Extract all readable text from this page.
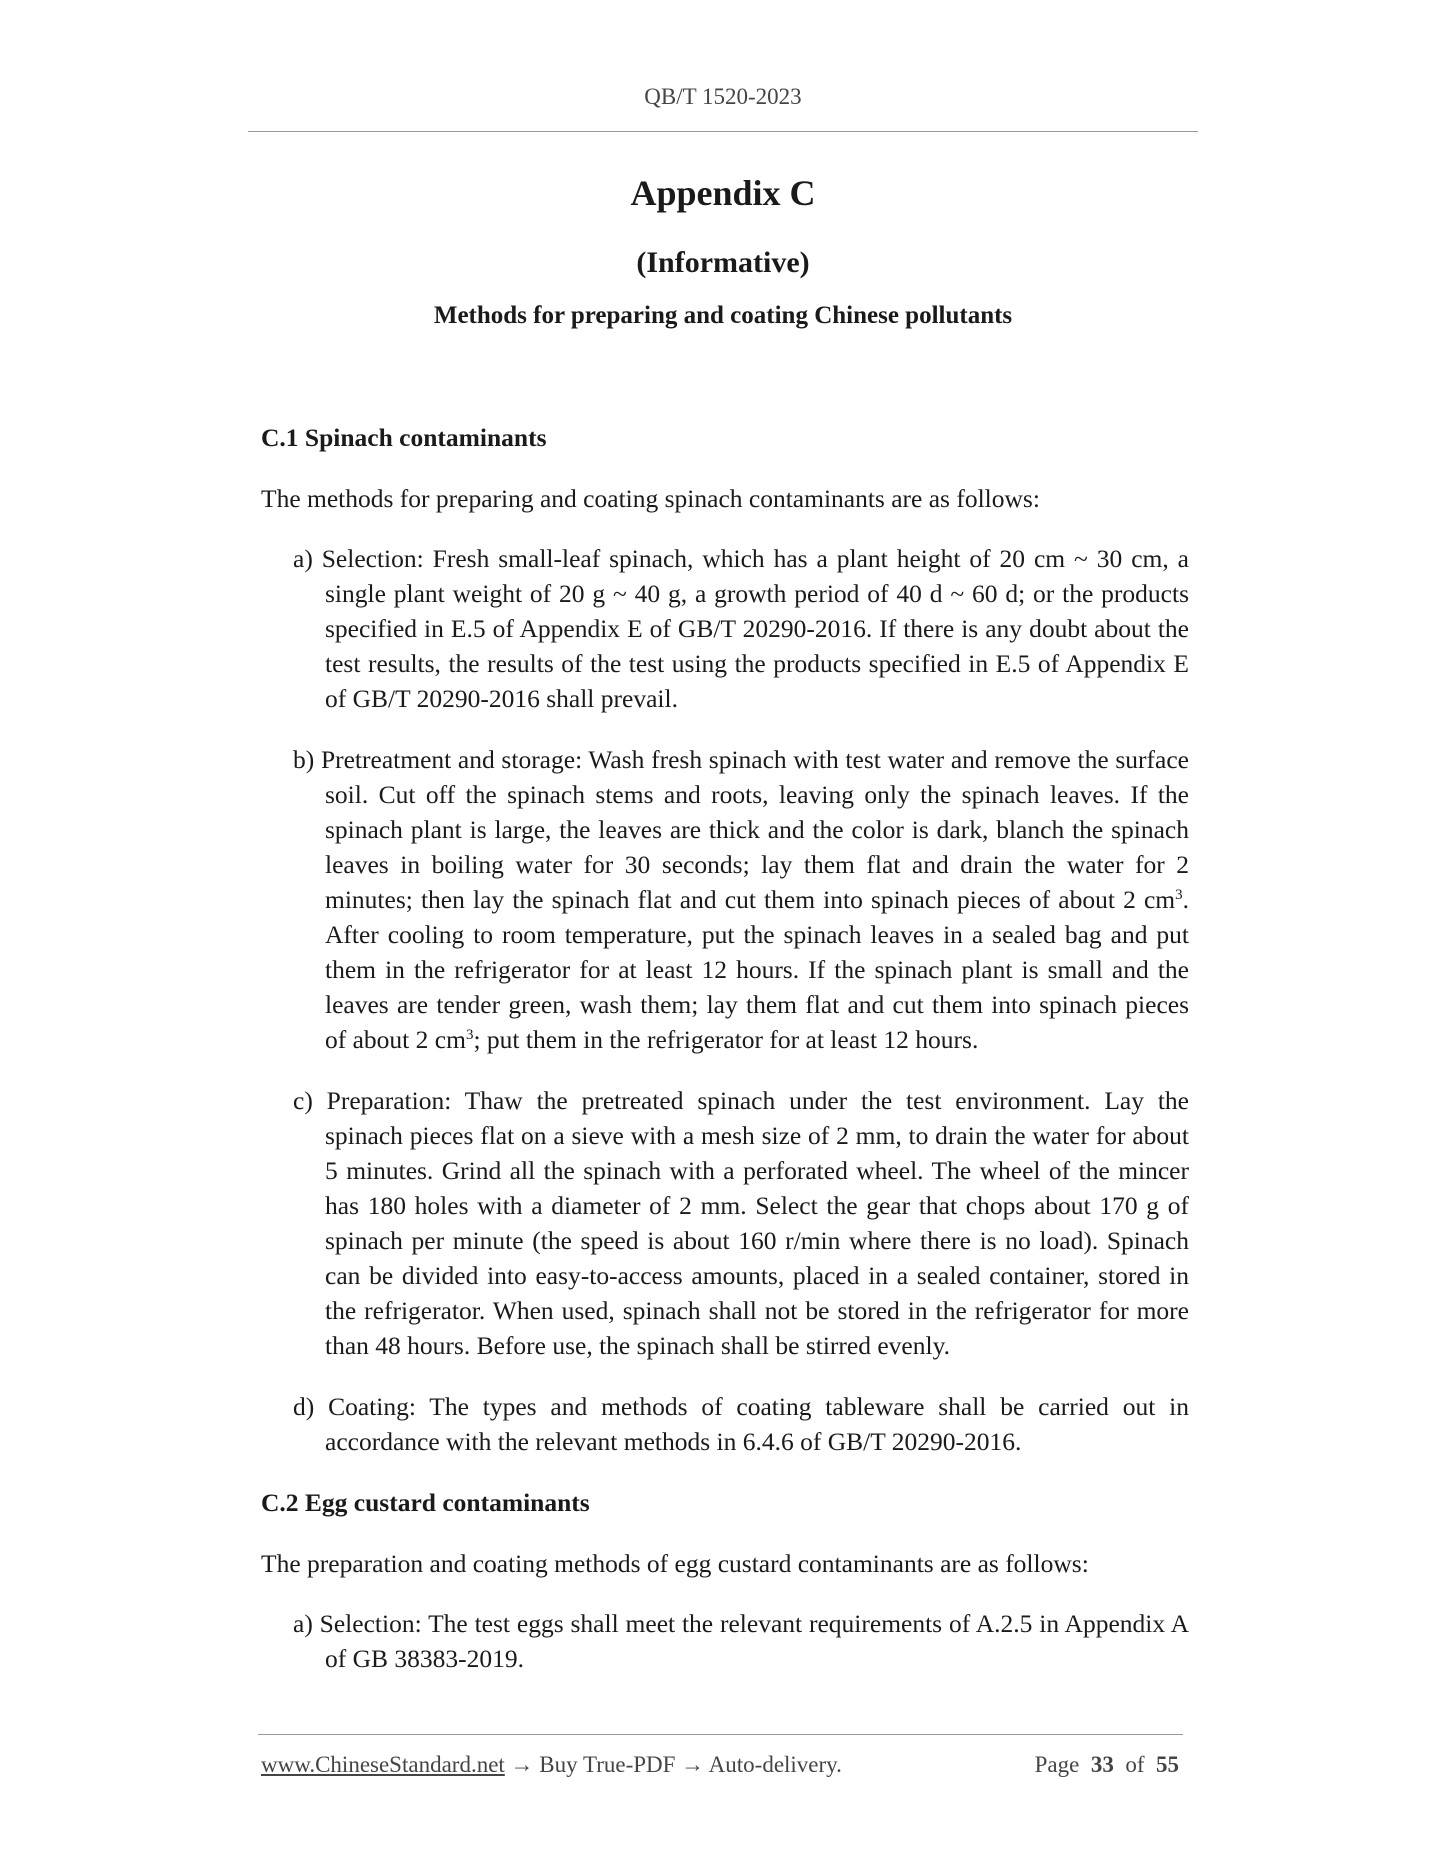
QB/T 1520-2023
Appendix C
(Informative)
Methods for preparing and coating Chinese pollutants

C.1 Spinach contaminants

The methods for preparing and coating spinach contaminants are as follows:

a) Selection: Fresh small-leaf spinach, which has a plant height of 20 cm ~ 30 cm, a single plant weight of 20 g ~ 40 g, a growth period of 40 d ~ 60 d; or the products specified in E.5 of Appendix E of GB/T 20290-2016. If there is any doubt about the test results, the results of the test using the products specified in E.5 of Appendix E of GB/T 20290-2016 shall prevail.

b) Pretreatment and storage: Wash fresh spinach with test water and remove the surface soil. Cut off the spinach stems and roots, leaving only the spinach leaves. If the spinach plant is large, the leaves are thick and the color is dark, blanch the spinach leaves in boiling water for 30 seconds; lay them flat and drain the water for 2 minutes; then lay the spinach flat and cut them into spinach pieces of about 2 $cm^3$. After cooling to room temperature, put the spinach leaves in a sealed bag and put them in the refrigerator for at least 12 hours. If the spinach plant is small and the leaves are tender green, wash them; lay them flat and cut them into spinach pieces of about 2 $cm^3$; put them in the refrigerator for at least 12 hours.

c) Preparation: Thaw the pretreated spinach under the test environment. Lay the spinach pieces flat on a sieve with a mesh size of 2 mm, to drain the water for about 5 minutes. Grind all the spinach with a perforated wheel. The wheel of the mincer has 180 holes with a diameter of 2 mm. Select the gear that chops about 170 g of spinach per minute (the speed is about 160 r/min where there is no load). Spinach can be divided into easy-to-access amounts, placed in a sealed container, stored in the refrigerator. When used, spinach shall not be stored in the refrigerator for more than 48 hours. Before use, the spinach shall be stirred evenly.

d) Coating: The types and methods of coating tableware shall be carried out in accordance with the relevant methods in 6.4.6 of GB/T 20290-2016.

C.2 Egg custard contaminants

The preparation and coating methods of egg custard contaminants are as follows:

a) Selection: The test eggs shall meet the relevant requirements of A.2.5 in Appendix A of GB 38383-2019.

www.ChineseStandard.net → Buy True-PDF → Auto-delivery.	Page 33 of 55
